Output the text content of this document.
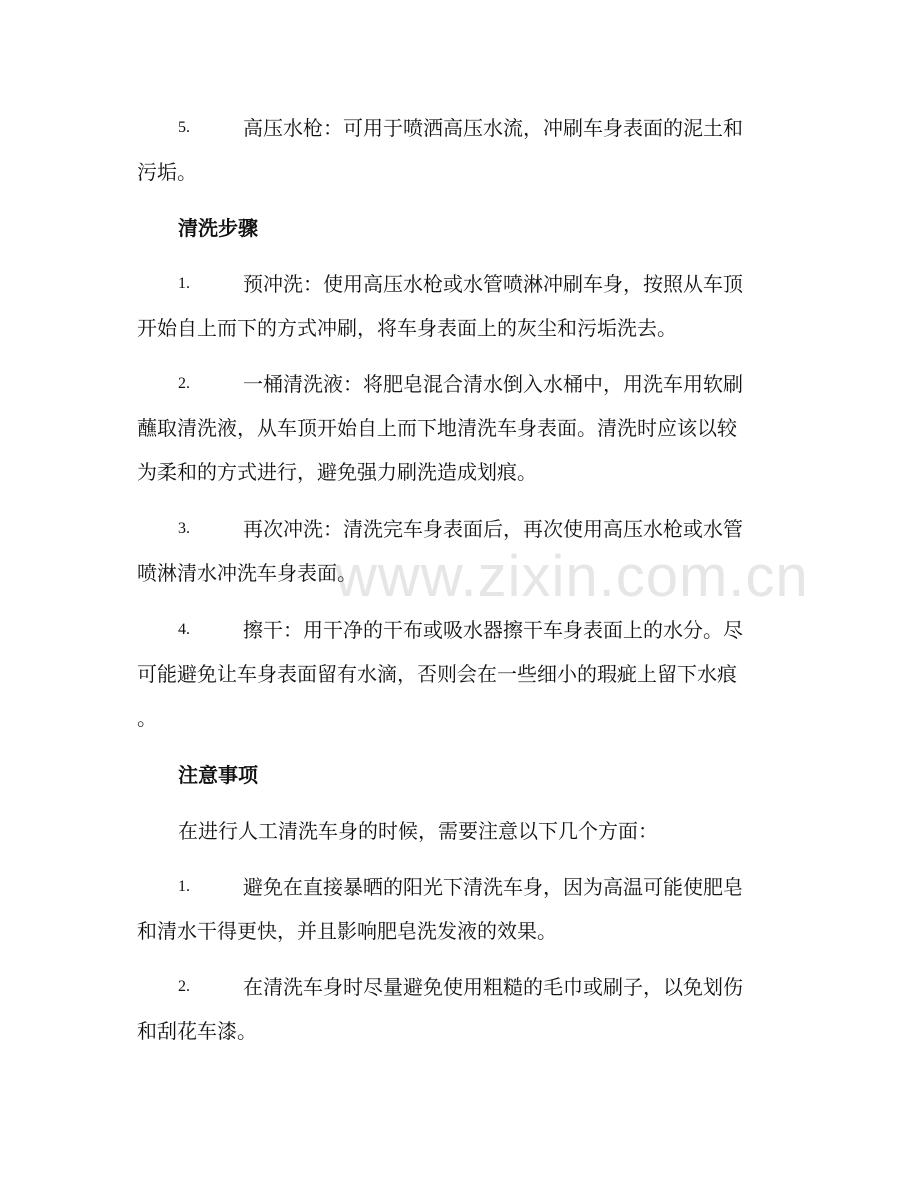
www.zixin.com.cn
5.	高压水枪：可用于喷洒高压水流，冲刷车身表面的泥土和
污垢。
清洗步骤
1.	预冲洗：使用高压水枪或水管喷淋冲刷车身，按照从车顶
开始自上而下的方式冲刷，将车身表面上的灰尘和污垢洗去。
2.	一桶清洗液：将肥皂混合清水倒入水桶中，用洗车用软刷
蘸取清洗液，从车顶开始自上而下地清洗车身表面。清洗时应该以较
为柔和的方式进行，避免强力刷洗造成划痕。
3.	再次冲洗：清洗完车身表面后，再次使用高压水枪或水管
喷淋清水冲洗车身表面。
4.	擦干：用干净的干布或吸水器擦干车身表面上的水分。尽
可能避免让车身表面留有水滴，否则会在一些细小的瑕疵上留下水痕
。
注意事项
在进行人工清洗车身的时候，需要注意以下几个方面：
1.	避免在直接暴晒的阳光下清洗车身，因为高温可能使肥皂
和清水干得更快，并且影响肥皂洗发液的效果。
2.	在清洗车身时尽量避免使用粗糙的毛巾或刷子，以免划伤
和刮花车漆。
